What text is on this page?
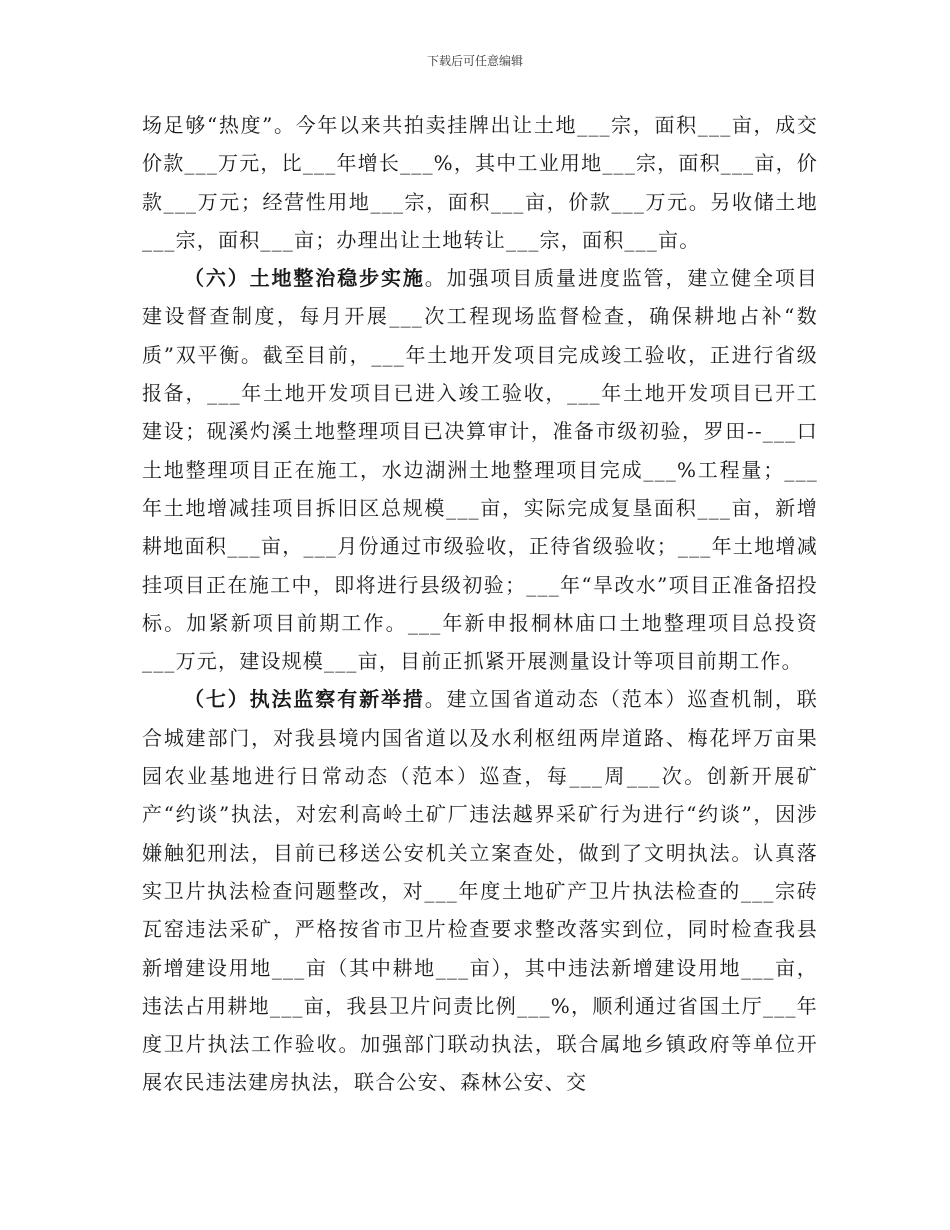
下载后可任意编辑

场足够“热度”。今年以来共拍卖挂牌出让土地___宗，面积___亩，成交价款___万元，比___年增长___%，其中工业用地___宗，面积___亩，价款___万元；经营性用地___宗，面积___亩，价款___万元。另收储土地___宗，面积___亩；办理出让土地转让___宗，面积___亩。

（六）土地整治稳步实施。加强项目质量进度监管，建立健全项目建设督查制度，每月开展___次工程现场监督检查，确保耕地占补“数质”双平衡。截至目前，___年土地开发项目完成竣工验收，正进行省级报备，___年土地开发项目已进入竣工验收，___年土地开发项目已开工建设；砚溪灼溪土地整理项目已决算审计，准备市级初验，罗田--___口土地整理项目正在施工，水边湖洲土地整理项目完成___%工程量；___年土地增减挂项目拆旧区总规模___亩，实际完成复垦面积___亩，新增耕地面积___亩，___月份通过市级验收，正待省级验收；___年土地增减挂项目正在施工中，即将进行县级初验；___年“旱改水”项目正准备招投标。加紧新项目前期工作。___年新申报桐林庙口土地整理项目总投资___万元，建设规模___亩，目前正抓紧开展测量设计等项目前期工作。

（七）执法监察有新举措。建立国省道动态（范本）巡查机制，联合城建部门，对我县境内国省道以及水利枢纽两岸道路、梅花坪万亩果园农业基地进行日常动态（范本）巡查，每___周___次。创新开展矿产“约谈”执法，对宏利高岭土矿厂违法越界采矿行为进行“约谈”，因涉嫌触犯刑法，目前已移送公安机关立案查处，做到了文明执法。认真落实卫片执法检查问题整改，对___年度土地矿产卫片执法检查的___宗砖瓦窑违法采矿，严格按省市卫片检查要求整改落实到位，同时检查我县新增建设用地___亩（其中耕地___亩），其中违法新增建设用地___亩，违法占用耕地___亩，我县卫片问责比例___%，顺利通过省国土厅___年度卫片执法工作验收。加强部门联动执法，联合属地乡镇政府等单位开展农民违法建房执法，联合公安、森林公安、交
